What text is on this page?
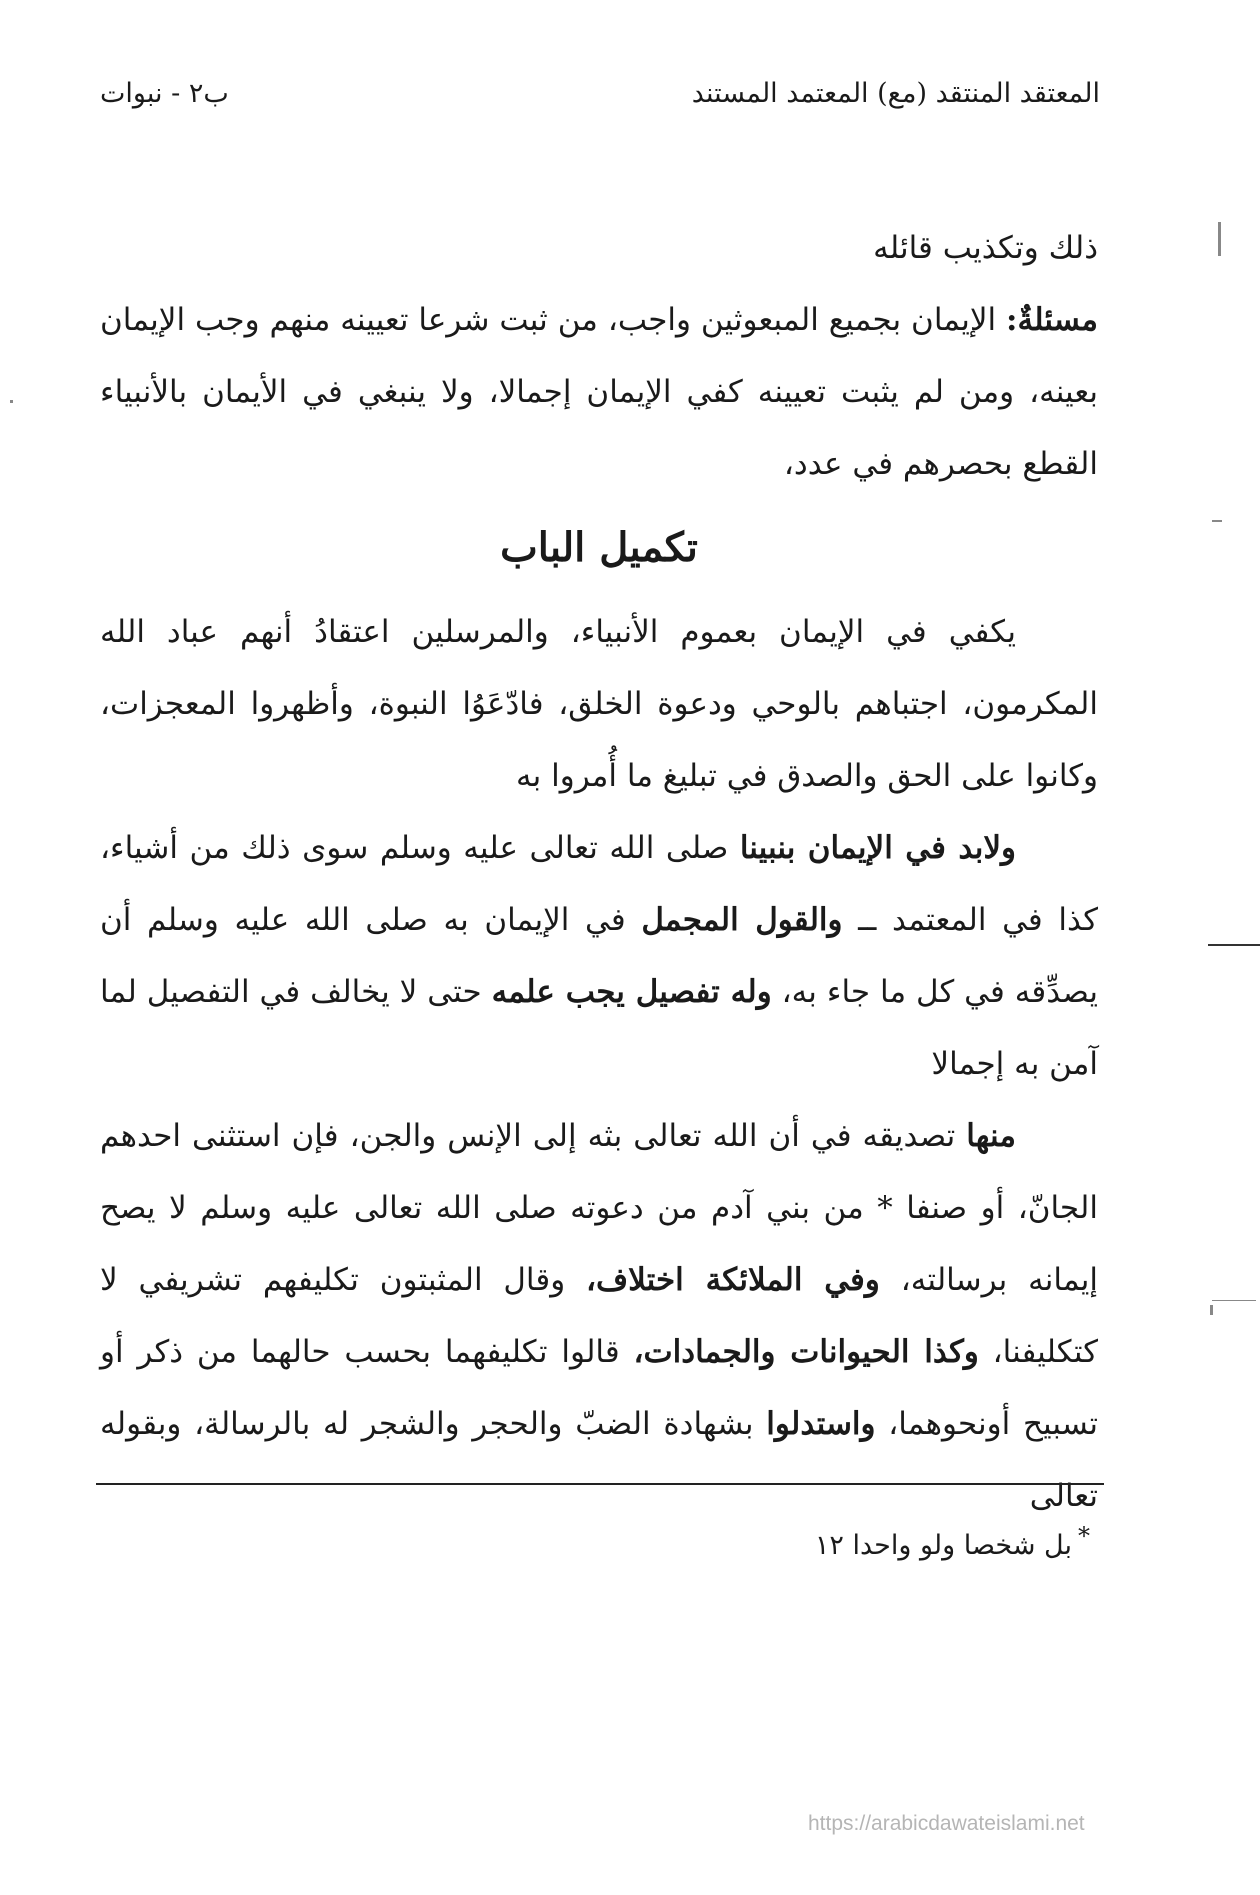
المعتقد المنتقد (مع) المعتمد المستند
ب٢ - نبوات

ذلك وتكذيب قائله

مسئلةٌ: الإيمان بجميع المبعوثين واجب، من ثبت شرعا تعيينه منهم وجب الإيمان بعينه، ومن لم يثبت تعيينه كفي الإيمان إجمالا، ولا ينبغي في الأيمان بالأنبياء القطع بحصرهم في عدد،

تكميل الباب

يكفي في الإيمان بعموم الأنبياء، والمرسلين اعتقادُ أنهم عباد الله المكرمون، اجتباهم بالوحي ودعوة الخلق، فادّعَوُا النبوة، وأظهروا المعجزات، وكانوا على الحق والصدق في تبليغ ما أُمروا به

ولابد في الإيمان بنبينا صلى الله تعالى عليه وسلم سوى ذلك من أشياء، كذا في المعتمد ــ والقول المجمل في الإيمان به صلى الله عليه وسلم أن يصدِّقه في كل ما جاء به، وله تفصيل يجب علمه حتى لا يخالف في التفصيل لما آمن به إجمالا

منها تصديقه في أن الله تعالى بثه إلى الإنس والجن، فإن استثنى احدهم الجانّ، أو صنفا * من بني آدم من دعوته صلى الله تعالى عليه وسلم لا يصح إيمانه برسالته، وفي الملائكة اختلاف، وقال المثبتون تكليفهم تشريفي لا كتكليفنا، وكذا الحيوانات والجمادات، قالوا تكليفهما بحسب حالهما من ذكر أو تسبيح أونحوهما، واستدلوا بشهادة الضبّ والحجر والشجر له بالرسالة، وبقوله تعالى

*بل شخصا ولو واحدا ١٢
https://arabicdawateislami.net
